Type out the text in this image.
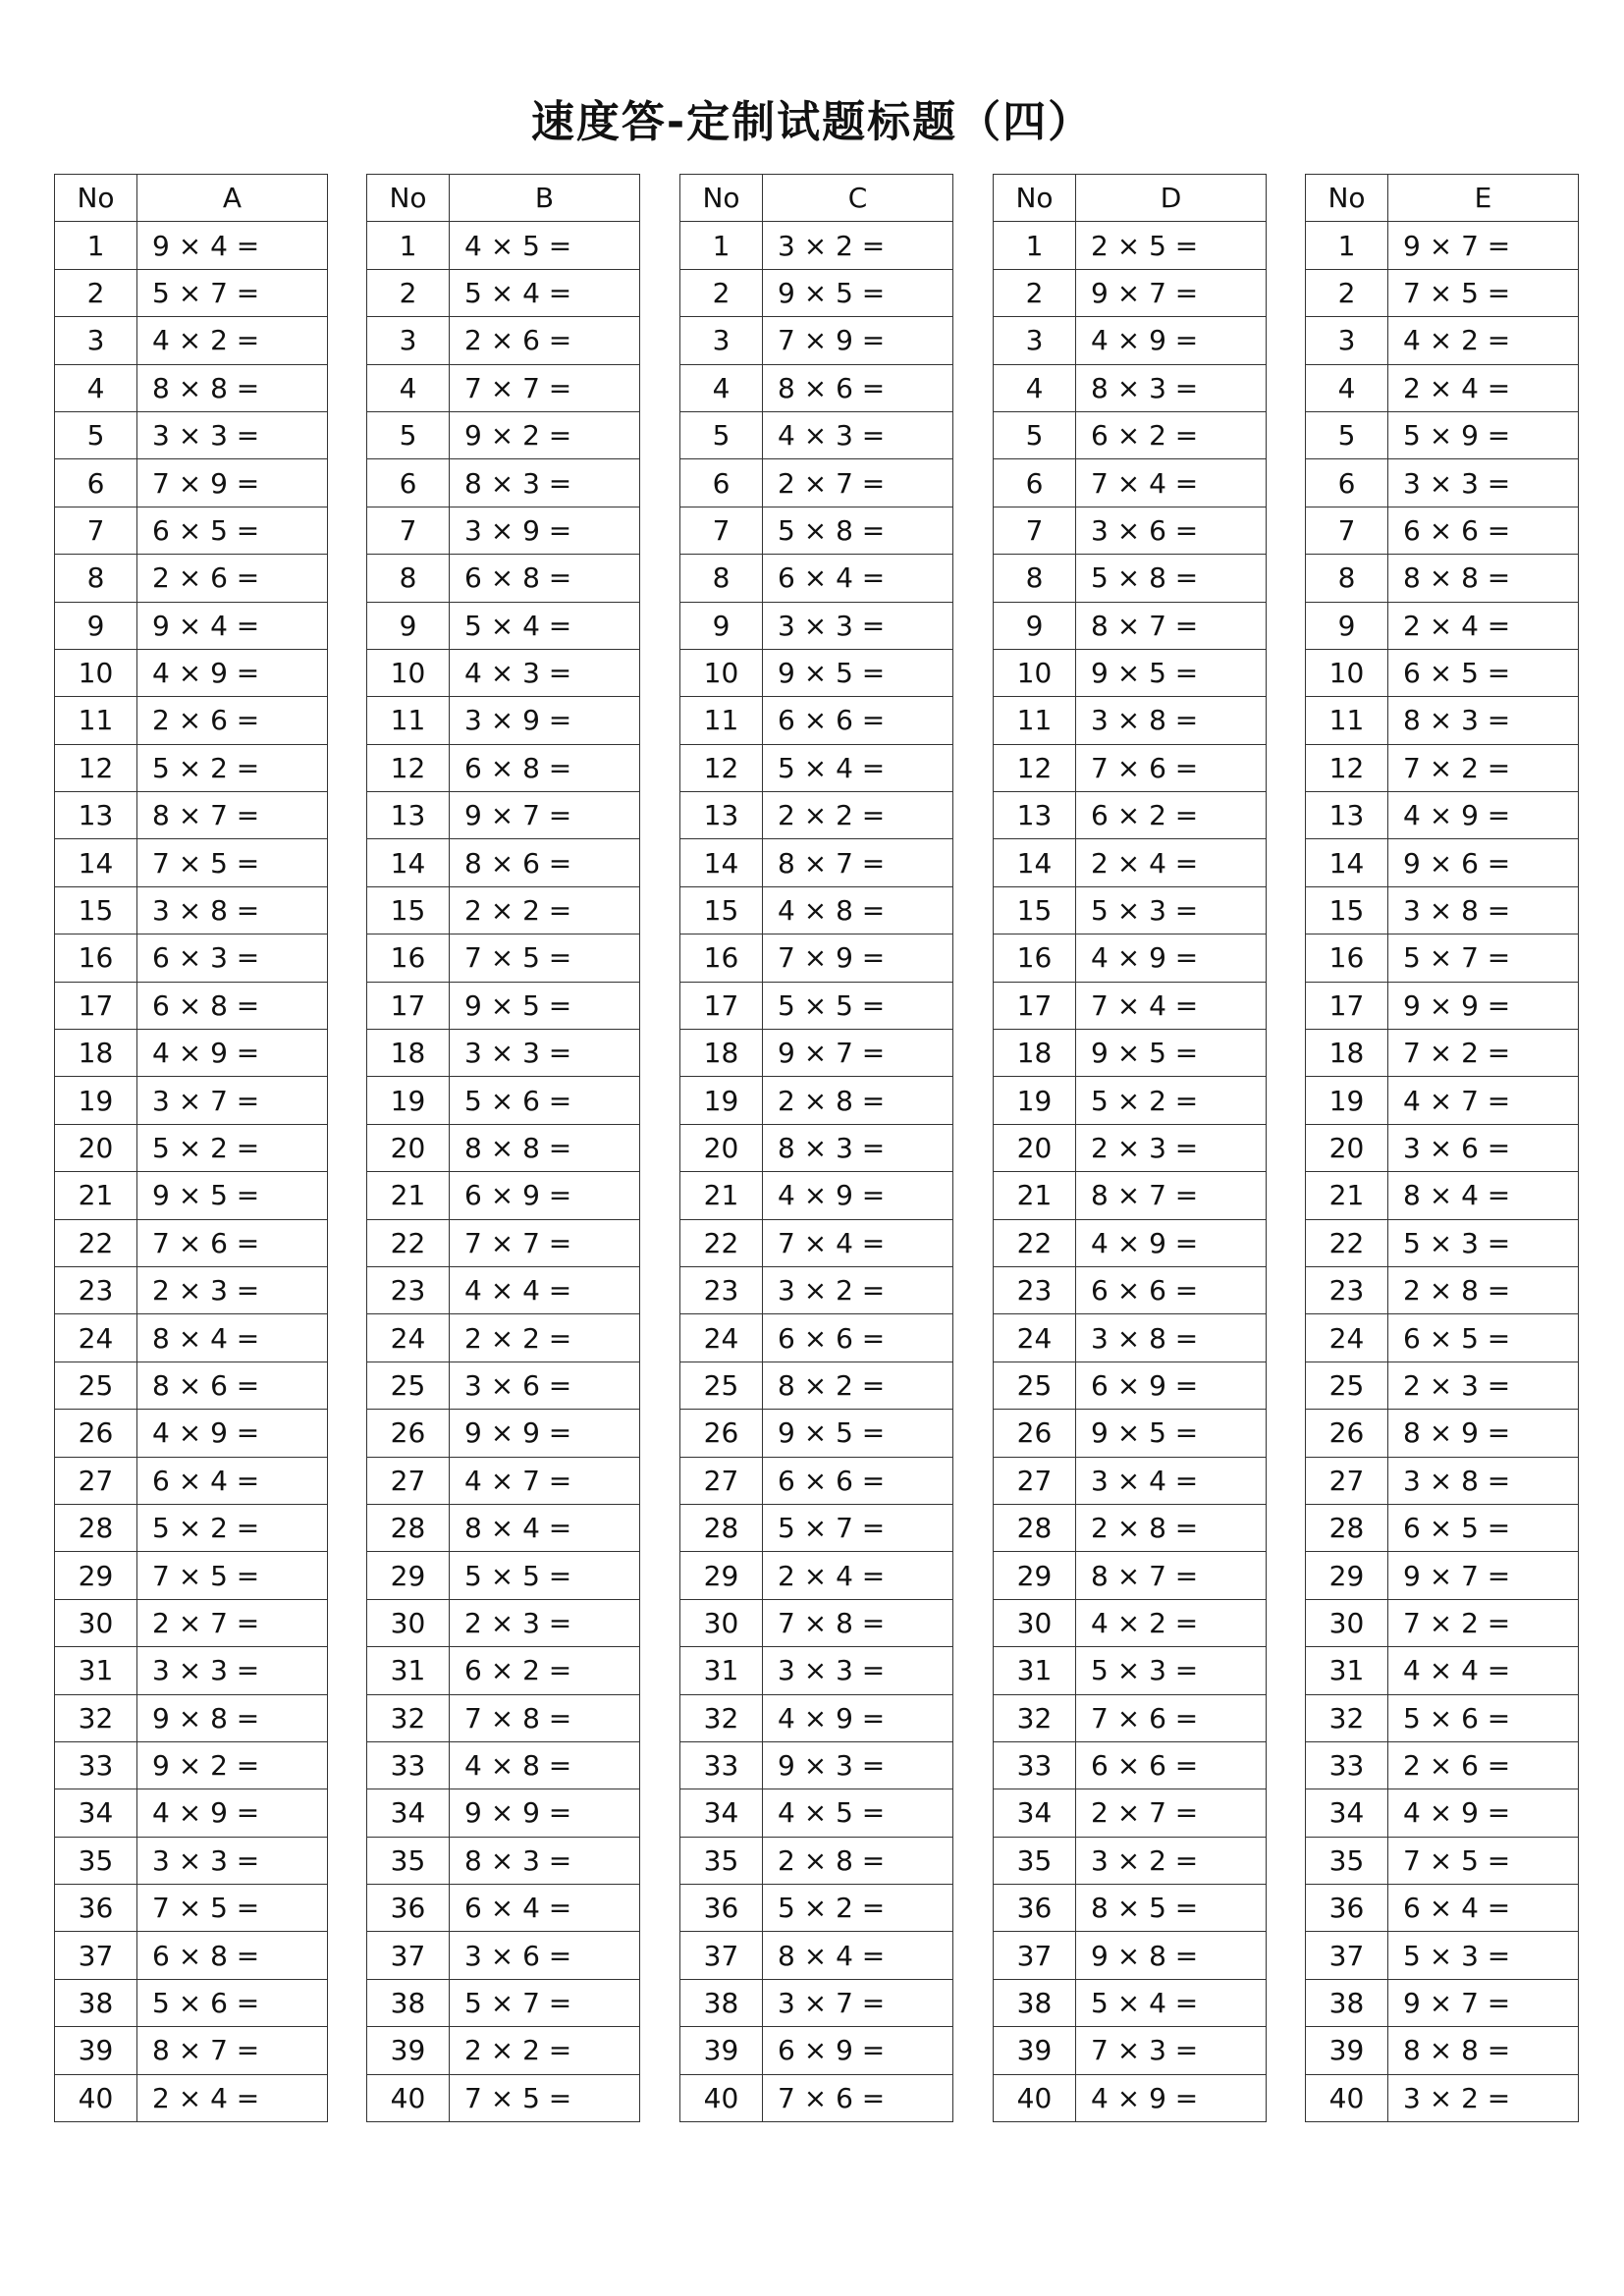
速度答-定制试题标题（四）
No	A
1	9 × 4 =
2	5 × 7 =
3	4 × 2 =
4	8 × 8 =
5	3 × 3 =
6	7 × 9 =
7	6 × 5 =
8	2 × 6 =
9	9 × 4 =
10	4 × 9 =
11	2 × 6 =
12	5 × 2 =
13	8 × 7 =
14	7 × 5 =
15	3 × 8 =
16	6 × 3 =
17	6 × 8 =
18	4 × 9 =
19	3 × 7 =
20	5 × 2 =
21	9 × 5 =
22	7 × 6 =
23	2 × 3 =
24	8 × 4 =
25	8 × 6 =
26	4 × 9 =
27	6 × 4 =
28	5 × 2 =
29	7 × 5 =
30	2 × 7 =
31	3 × 3 =
32	9 × 8 =
33	9 × 2 =
34	4 × 9 =
35	3 × 3 =
36	7 × 5 =
37	6 × 8 =
38	5 × 6 =
39	8 × 7 =
40	2 × 4 =
No	B
1	4 × 5 =
2	5 × 4 =
3	2 × 6 =
4	7 × 7 =
5	9 × 2 =
6	8 × 3 =
7	3 × 9 =
8	6 × 8 =
9	5 × 4 =
10	4 × 3 =
11	3 × 9 =
12	6 × 8 =
13	9 × 7 =
14	8 × 6 =
15	2 × 2 =
16	7 × 5 =
17	9 × 5 =
18	3 × 3 =
19	5 × 6 =
20	8 × 8 =
21	6 × 9 =
22	7 × 7 =
23	4 × 4 =
24	2 × 2 =
25	3 × 6 =
26	9 × 9 =
27	4 × 7 =
28	8 × 4 =
29	5 × 5 =
30	2 × 3 =
31	6 × 2 =
32	7 × 8 =
33	4 × 8 =
34	9 × 9 =
35	8 × 3 =
36	6 × 4 =
37	3 × 6 =
38	5 × 7 =
39	2 × 2 =
40	7 × 5 =
No	C
1	3 × 2 =
2	9 × 5 =
3	7 × 9 =
4	8 × 6 =
5	4 × 3 =
6	2 × 7 =
7	5 × 8 =
8	6 × 4 =
9	3 × 3 =
10	9 × 5 =
11	6 × 6 =
12	5 × 4 =
13	2 × 2 =
14	8 × 7 =
15	4 × 8 =
16	7 × 9 =
17	5 × 5 =
18	9 × 7 =
19	2 × 8 =
20	8 × 3 =
21	4 × 9 =
22	7 × 4 =
23	3 × 2 =
24	6 × 6 =
25	8 × 2 =
26	9 × 5 =
27	6 × 6 =
28	5 × 7 =
29	2 × 4 =
30	7 × 8 =
31	3 × 3 =
32	4 × 9 =
33	9 × 3 =
34	4 × 5 =
35	2 × 8 =
36	5 × 2 =
37	8 × 4 =
38	3 × 7 =
39	6 × 9 =
40	7 × 6 =
No	D
1	2 × 5 =
2	9 × 7 =
3	4 × 9 =
4	8 × 3 =
5	6 × 2 =
6	7 × 4 =
7	3 × 6 =
8	5 × 8 =
9	8 × 7 =
10	9 × 5 =
11	3 × 8 =
12	7 × 6 =
13	6 × 2 =
14	2 × 4 =
15	5 × 3 =
16	4 × 9 =
17	7 × 4 =
18	9 × 5 =
19	5 × 2 =
20	2 × 3 =
21	8 × 7 =
22	4 × 9 =
23	6 × 6 =
24	3 × 8 =
25	6 × 9 =
26	9 × 5 =
27	3 × 4 =
28	2 × 8 =
29	8 × 7 =
30	4 × 2 =
31	5 × 3 =
32	7 × 6 =
33	6 × 6 =
34	2 × 7 =
35	3 × 2 =
36	8 × 5 =
37	9 × 8 =
38	5 × 4 =
39	7 × 3 =
40	4 × 9 =
No	E
1	9 × 7 =
2	7 × 5 =
3	4 × 2 =
4	2 × 4 =
5	5 × 9 =
6	3 × 3 =
7	6 × 6 =
8	8 × 8 =
9	2 × 4 =
10	6 × 5 =
11	8 × 3 =
12	7 × 2 =
13	4 × 9 =
14	9 × 6 =
15	3 × 8 =
16	5 × 7 =
17	9 × 9 =
18	7 × 2 =
19	4 × 7 =
20	3 × 6 =
21	8 × 4 =
22	5 × 3 =
23	2 × 8 =
24	6 × 5 =
25	2 × 3 =
26	8 × 9 =
27	3 × 8 =
28	6 × 5 =
29	9 × 7 =
30	7 × 2 =
31	4 × 4 =
32	5 × 6 =
33	2 × 6 =
34	4 × 9 =
35	7 × 5 =
36	6 × 4 =
37	5 × 3 =
38	9 × 7 =
39	8 × 8 =
40	3 × 2 =
